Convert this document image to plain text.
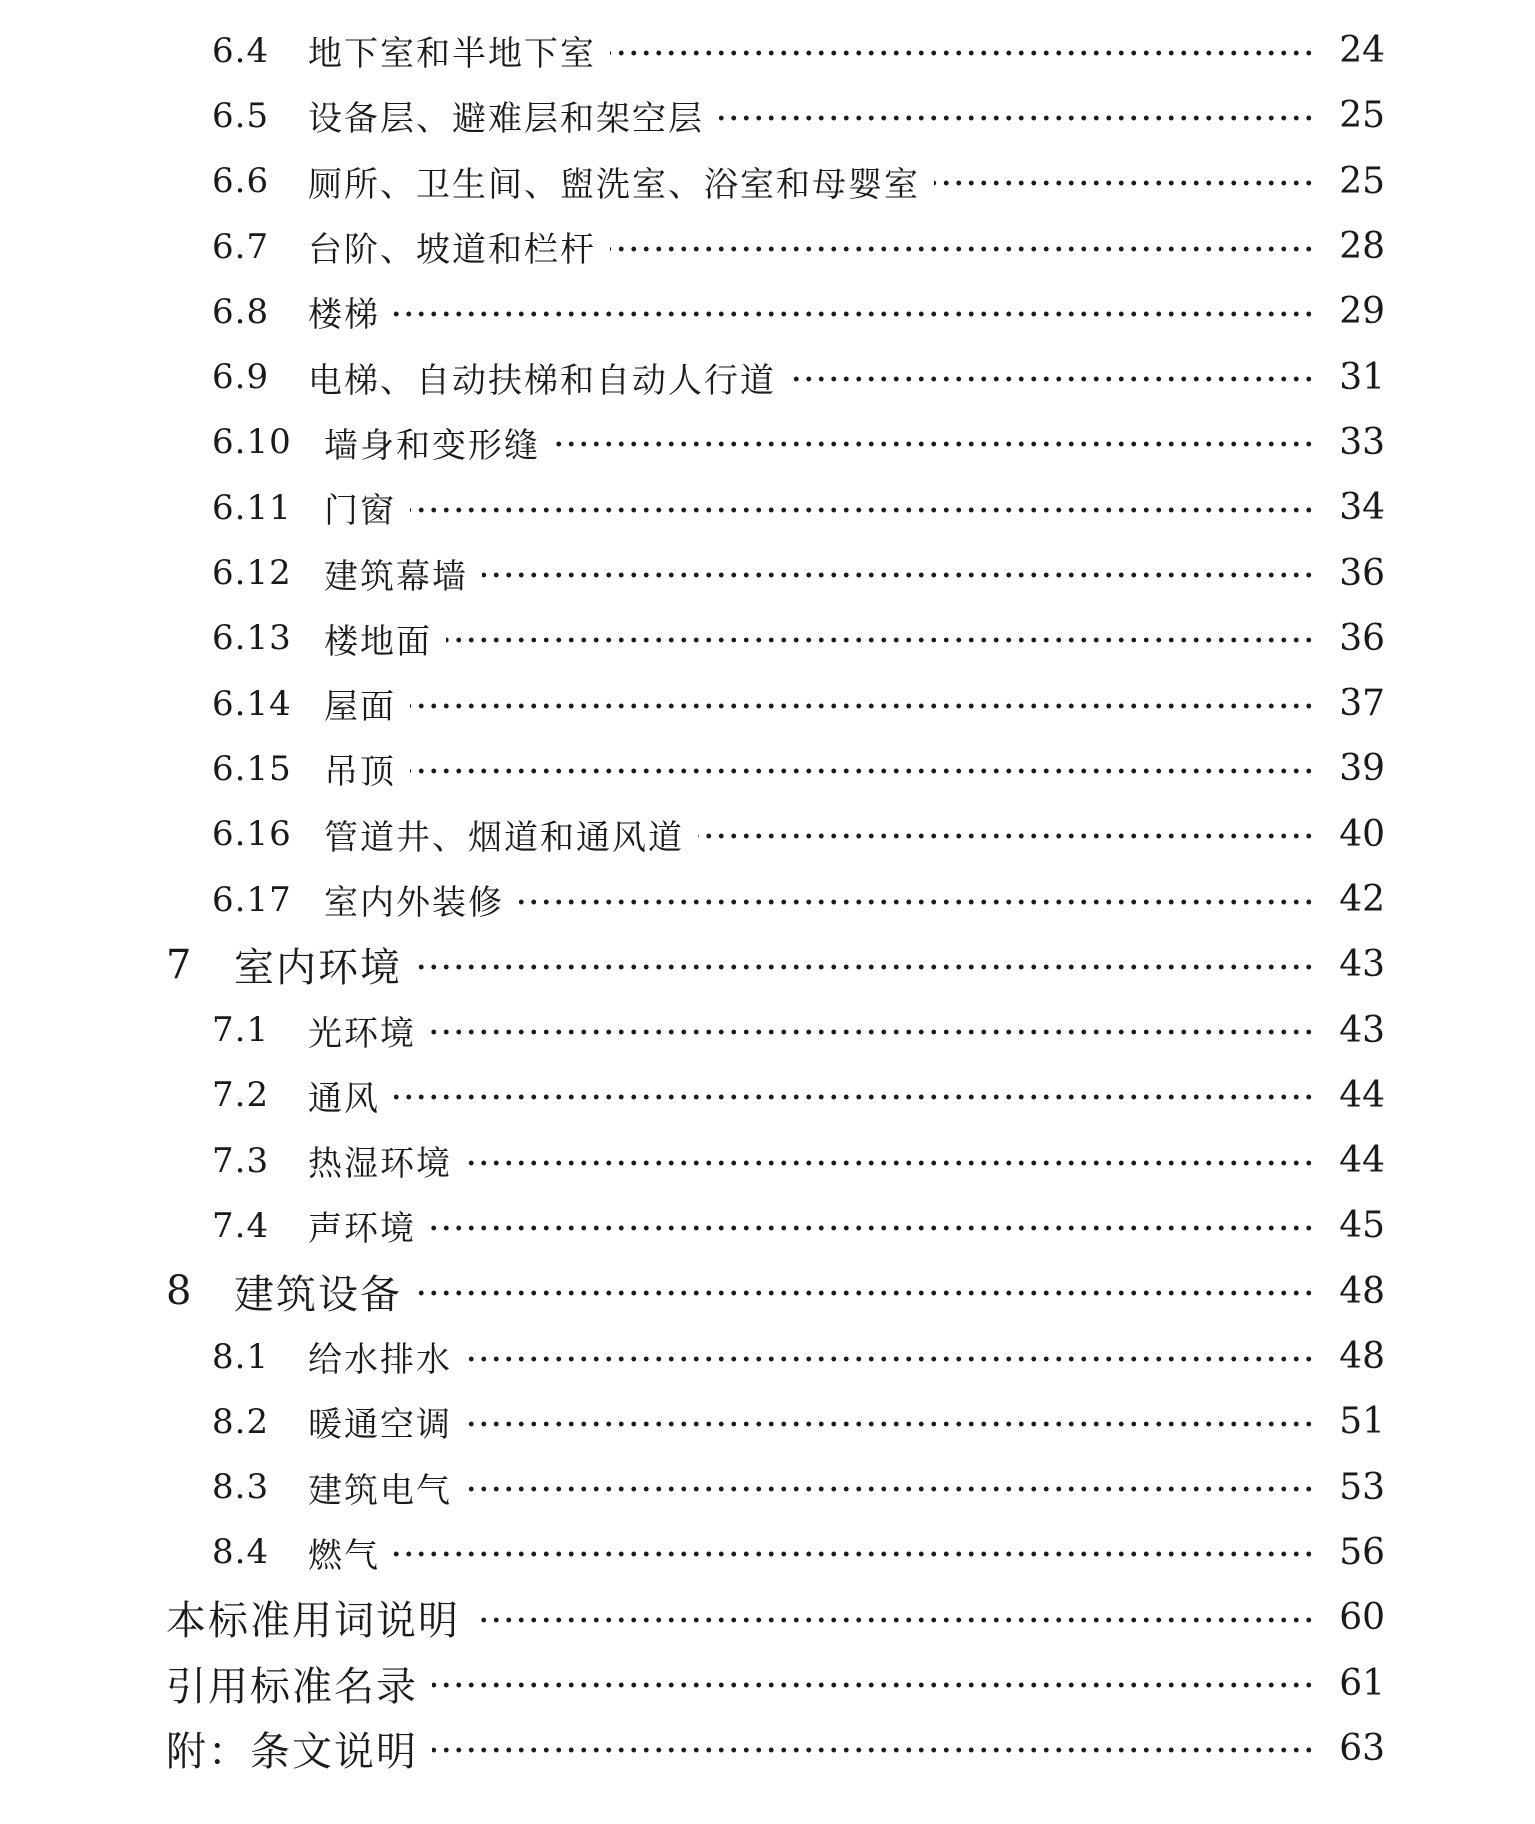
6.4	地下室和半地下室	24
6.5	设备层、避难层和架空层	25
6.6	厕所、卫生间、盥洗室、浴室和母婴室	25
6.7	台阶、坡道和栏杆	28
6.8	楼梯	29
6.9	电梯、自动扶梯和自动人行道	31
6.10 墙身和变形缝	33
6.11 门窗	34
6.12 建筑幕墙	36
6.13 楼地面	36
6.14 屋面	37
6.15 吊顶	39
6.16 管道井、烟道和通风道	40
6.17 室内外装修	42
7	室内环境	43
7.1	光环境	43
7.2	通风	44
7.3	热湿环境	44
7.4	声环境	45
8	建筑设备	48
8.1	给水排水	48
8.2	暖通空调	51
8.3	建筑电气	53
8.4	燃气	56
本标准用词说明	60
引用标准名录	61
附：条文说明	63
